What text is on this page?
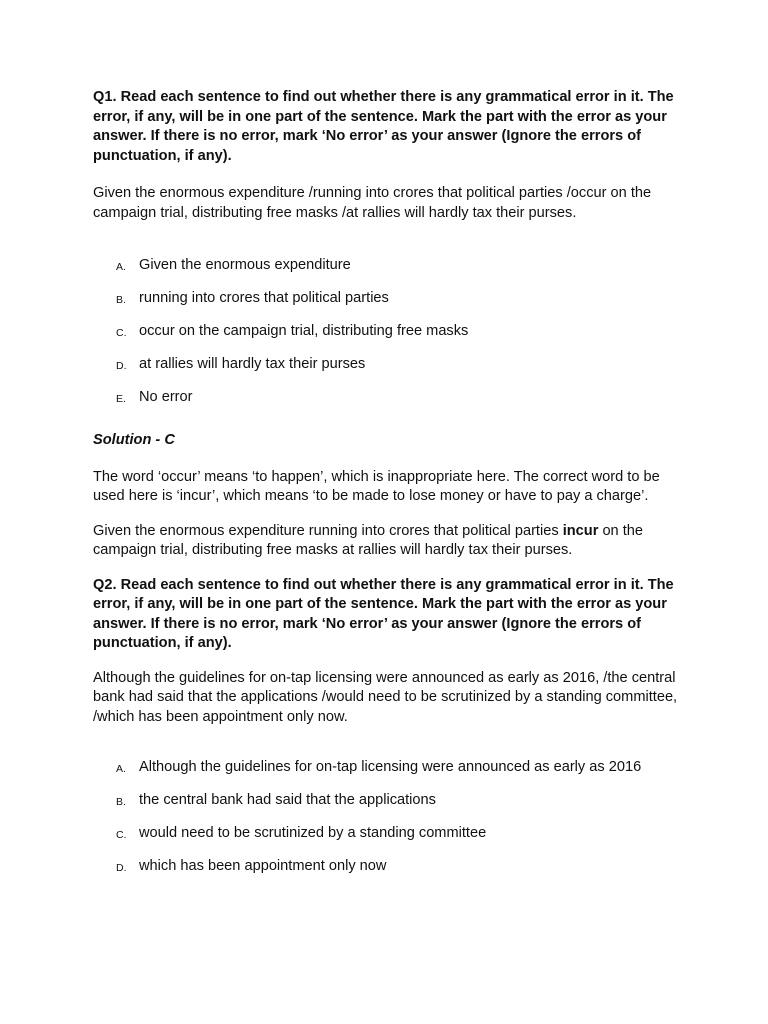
Q1. Read each sentence to find out whether there is any grammatical error in it. The error, if any, will be in one part of the sentence. Mark the part with the error as your answer. If there is no error, mark ‘No error’ as your answer (Ignore the errors of punctuation, if any).

Given the enormous expenditure /running into crores that political parties /occur on the campaign trial, distributing free masks /at rallies will hardly tax their purses.

A. Given the enormous expenditure
B. running into crores that political parties
C. occur on the campaign trial, distributing free masks
D. at rallies will hardly tax their purses
E. No error

Solution - C

The word ‘occur’ means ‘to happen’, which is inappropriate here. The correct word to be used here is ‘incur’, which means ‘to be made to lose money or have to pay a charge’.

Given the enormous expenditure running into crores that political parties incur on the campaign trial, distributing free masks at rallies will hardly tax their purses.

Q2. Read each sentence to find out whether there is any grammatical error in it. The error, if any, will be in one part of the sentence. Mark the part with the error as your answer. If there is no error, mark ‘No error’ as your answer (Ignore the errors of punctuation, if any).

Although the guidelines for on-tap licensing were announced as early as 2016, /the central bank had said that the applications /would need to be scrutinized by a standing committee, /which has been appointment only now.

A. Although the guidelines for on-tap licensing were announced as early as 2016
B. the central bank had said that the applications
C. would need to be scrutinized by a standing committee
D. which has been appointment only now
